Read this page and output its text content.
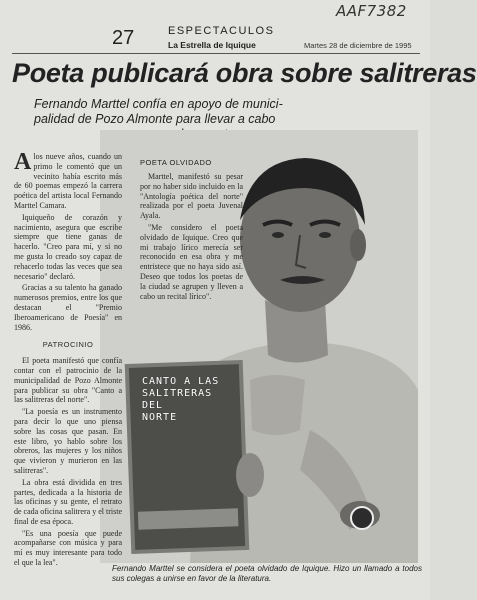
AAF7382
27	ESPECTACULOS
La Estrella de Iquique	Martes 28 de diciembre de 1995
Poeta publicará obra sobre salitreras
Fernando Marttel confía en apoyo de munici-
palidad de Pozo Almonte para llevar a cabo
CANTO A LAS
SALITRERAS DEL
NORTE

Alos nueve años, cuando un primo le comentó que un vecinito había escrito más de 60 poemas empezó la carrera poética del artista local Fernando Marttel Camara.

Iquiqueño de corazón y nacimiento, asegura que escribe siempre que tiene ganas de hacerlo. "Creo para mí, y si no me gusta lo creado soy capaz de rehacerlo todas las veces que sea necesario" declaró.

Gracias a su talento ha ganado numerosos premios, entre los que destacan el "Premio Iberoamericano de Poesía" en 1986.

PATROCINIO

El poeta manifestó que confía contar con el patrocinio de la municipalidad de Pozo Almonte para publicar su obra "Canto a las salitreras del norte".

"La poesía es un instrumento para decir lo que uno piensa sobre las cosas que pasan. En este libro, yo hablo sobre los obreros, las mujeres y los niños que vivieron y murieron en las salitreras".

La obra está dividida en tres partes, dedicada a la historia de las oficinas y su gente, el retrato de cada oficina salitrera y el triste final de esa época.

"Es una poesía que puede acompañarse con música y para mí es muy interesante para todo el que la lea".

POETA OLVIDADO

Marttel, manifestó su pesar por no haber sido incluido en la "Antología poética del norte" realizada por el poeta Juvenal Ayala.

"Me considero el poeta olvidado de Iquique. Creo que mi trabajo lírico merecía ser reconocido en esa obra y me entristece que no haya sido así. Deseo que todos los poetas de la ciudad se agrupen y lleven a cabo un recital lírico".

Fernando Marttel se considera el poeta olvidado de Iquique. Hizo un llamado a todos sus colegas a unirse en favor de la literatura.
